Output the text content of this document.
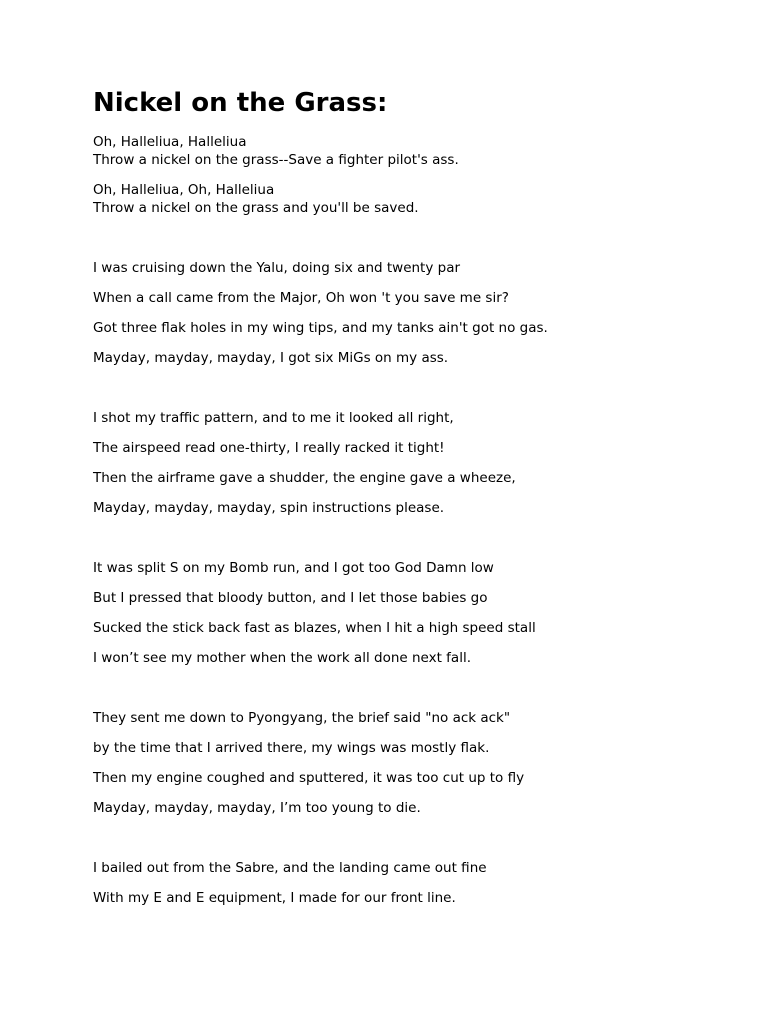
Nickel on the Grass:

Oh, Halleliua, Halleliua

Throw a nickel on the grass--Save a fighter pilot's ass.

Oh, Halleliua, Oh, Halleliua

Throw a nickel on the grass and you'll be saved.

I was cruising down the Yalu, doing six and twenty par

When a call came from the Major, Oh won 't you save me sir?

Got three flak holes in my wing tips, and my tanks ain't got no gas.

Mayday, mayday, mayday, I got six MiGs on my ass.

I shot my traffic pattern, and to me it looked all right,

The airspeed read one-thirty, I really racked it tight!

Then the airframe gave a shudder, the engine gave a wheeze,

Mayday, mayday, mayday, spin instructions please.

It was split S on my Bomb run, and I got too God Damn low

But I pressed that bloody button, and I let those babies go

Sucked the stick back fast as blazes, when I hit a high speed stall

I won’t see my mother when the work all done next fall.

They sent me down to Pyongyang, the brief said "no ack ack"

by the time that I arrived there, my wings was mostly flak.

Then my engine coughed and sputtered, it was too cut up to fly

Mayday, mayday, mayday, I’m too young to die.

I bailed out from the Sabre, and the landing came out fine

With my E and E equipment, I made for our front line.
